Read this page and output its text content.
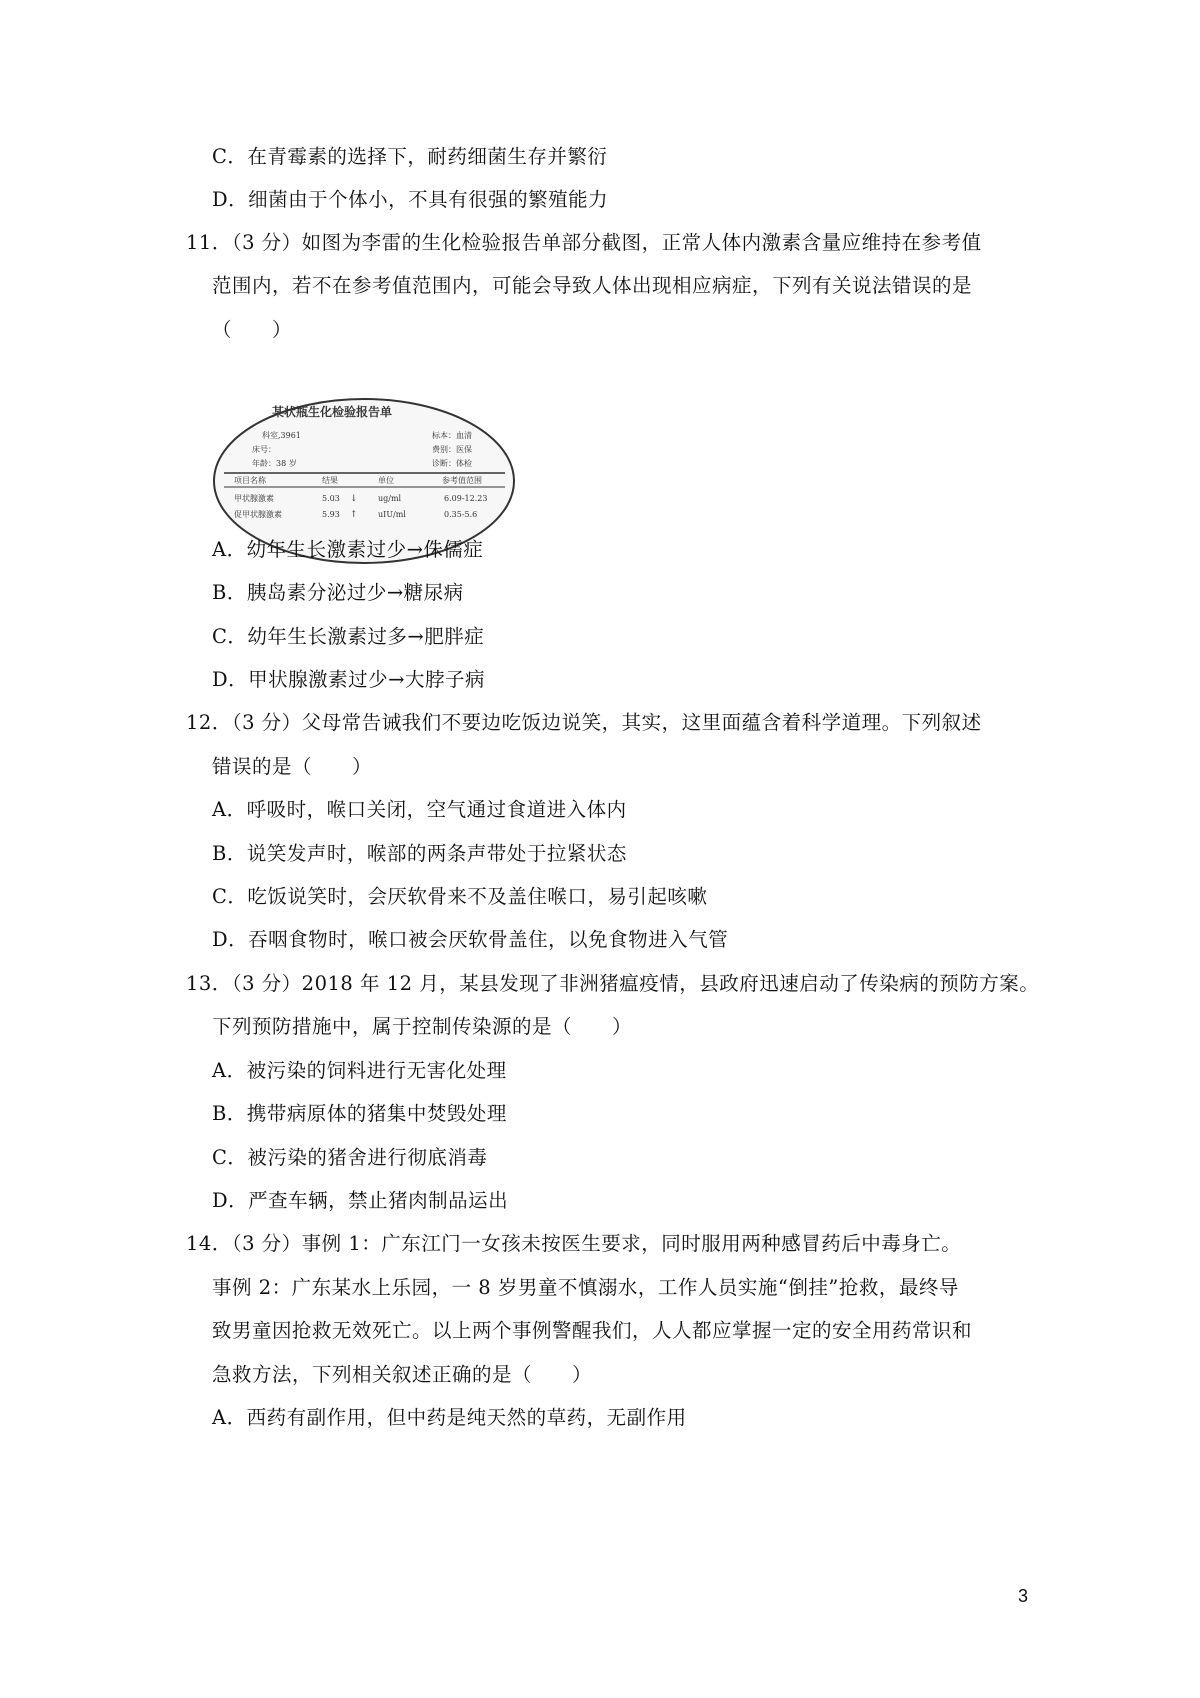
C．在青霉素的选择下，耐药细菌生存并繁衍
D．细菌由于个体小，不具有很强的繁殖能力
11．（3 分）如图为李雷的生化检验报告单部分截图，正常人体内激素含量应维持在参考值
范围内，若不在参考值范围内，可能会导致人体出现相应病症，下列有关说法错误的是
（　　）
某状瓶生化检验报告单
科室,3961	标本：血清
床号：	费别：医保
年龄：38 岁	诊断：体检
项目名称	结果	单位	参考值范围
甲状腺激素	5.03 ↓	ug/ml	6.09-12.23
促甲状腺激素	5.93 ↑	uIU/ml	0.35-5.6
A．幼年生长激素过少→侏儒症
B．胰岛素分泌过少→糖尿病
C．幼年生长激素过多→肥胖症
D．甲状腺激素过少→大脖子病
12．（3 分）父母常告诫我们不要边吃饭边说笑，其实，这里面蕴含着科学道理。下列叙述
错误的是（　　）
A．呼吸时，喉口关闭，空气通过食道进入体内
B．说笑发声时，喉部的两条声带处于拉紧状态
C．吃饭说笑时，会厌软骨来不及盖住喉口，易引起咳嗽
D．吞咽食物时，喉口被会厌软骨盖住，以免食物进入气管
13．（3 分）2018 年 12 月，某县发现了非洲猪瘟疫情，县政府迅速启动了传染病的预防方案。
下列预防措施中，属于控制传染源的是（　　）
A．被污染的饲料进行无害化处理
B．携带病原体的猪集中焚毁处理
C．被污染的猪舍进行彻底消毒
D．严查车辆，禁止猪肉制品运出
14．（3 分）事例 1：广东江门一女孩未按医生要求，同时服用两种感冒药后中毒身亡。
事例 2：广东某水上乐园，一 8 岁男童不慎溺水，工作人员实施“倒挂”抢救，最终导
致男童因抢救无效死亡。以上两个事例警醒我们，人人都应掌握一定的安全用药常识和
急救方法，下列相关叙述正确的是（　　）
A．西药有副作用，但中药是纯天然的草药，无副作用
3
